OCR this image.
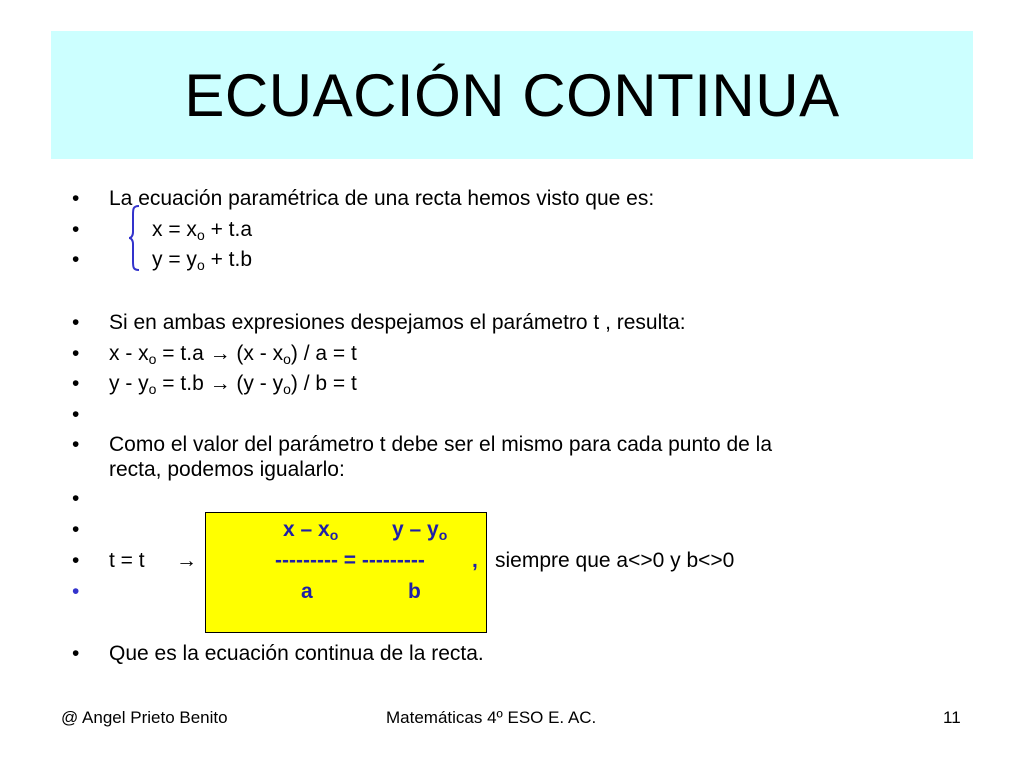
ECUACIÓN CONTINUA
• La ecuación paramétrica de una recta hemos visto que es:
•	$x = x_o + t.a$
•	$y = y_o + t.b$
• Si en ambas expresiones despejamos el parámetro t , resulta:
• $x - x_o = t.a \to (x - x_o) / a = t$
• $y - y_o = t.b \to (y - y_o) / b = t$
•
• Como el valor del parámetro t debe ser el mismo para cada punto de la
recta, podemos igualarlo:
•
•	x – $x_o$	y – $y_o$
• t = t →	--------- = --------- , siempre que a<>0 y b<>0
•	a	b
• Que es la ecuación continua de la recta.
@ Angel Prieto Benito	Matemáticas 4º ESO E. AC.	11
